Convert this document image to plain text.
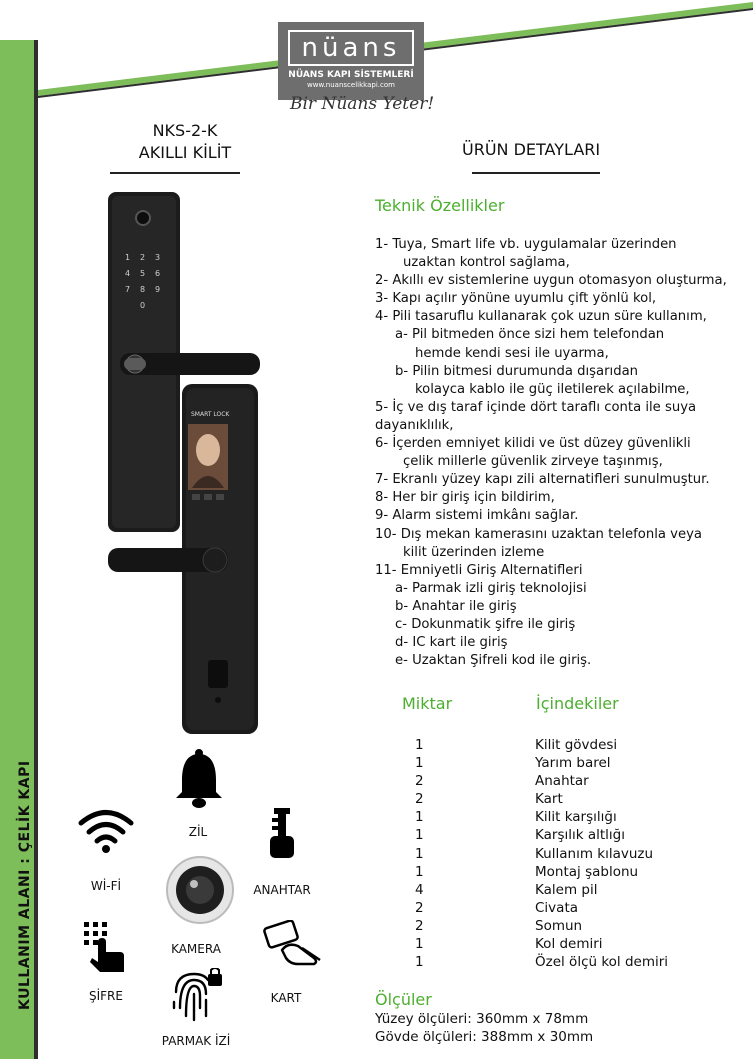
KULLANIM ALANI : ÇELİK KAPI
nüans
NÜANS KAPI SİSTEMLERİ
www.nuanscelikkapi.com
Bir Nüans Yeter!
NKS-2-K
AKILLI KİLİT	ÜRÜN DETAYLARI
1 2 3
4 5 6
7 8 9
0
SMART LOCK
ZİL
Wİ-Fİ	ANAHTAR
KAMERA
ŞİFRE	KART
PARMAK İZİ
Teknik Özellikler
1- Tuya, Smart life vb. uygulamalar üzerinden
uzaktan kontrol sağlama,
2- Akıllı ev sistemlerine uygun otomasyon oluşturma,
3- Kapı açılır yönüne uyumlu çift yönlü kol,
4- Pili tasaruflu kullanarak çok uzun süre kullanım,
a- Pil bitmeden önce sizi hem telefondan
hemde kendi sesi ile uyarma,
b- Pilin bitmesi durumunda dışarıdan
kolayca kablo ile güç iletilerek açılabilme,
5- İç ve dış taraf içinde dört taraflı conta ile suya
dayanıklılık,
6- İçerden emniyet kilidi ve üst düzey güvenlikli
çelik millerle güvenlik zirveye taşınmış,
7- Ekranlı yüzey kapı zili alternatifleri sunulmuştur.
8- Her bir giriş için bildirim,
9- Alarm sistemi imkânı sağlar.
10- Dış mekan kamerasını uzaktan telefonla veya
kilit üzerinden izleme
11- Emniyetli Giriş Alternatifleri
a- Parmak izli giriş teknolojisi
b- Anahtar ile giriş
c- Dokunmatik şifre ile giriş
d- IC kart ile giriş
e- Uzaktan Şifreli kod ile giriş.
Miktar	İçindekiler
1	Kilit gövdesi
1	Yarım barel
2	Anahtar
2	Kart
1	Kilit karşılığı
1	Karşılık altlığı
1	Kullanım kılavuzu
1	Montaj şablonu
4	Kalem pil
2	Civata
2	Somun
1	Kol demiri
1	Özel ölçü kol demiri
Ölçüler
Yüzey ölçüleri: 360mm x 78mm
Gövde ölçüleri: 388mm x 30mm
